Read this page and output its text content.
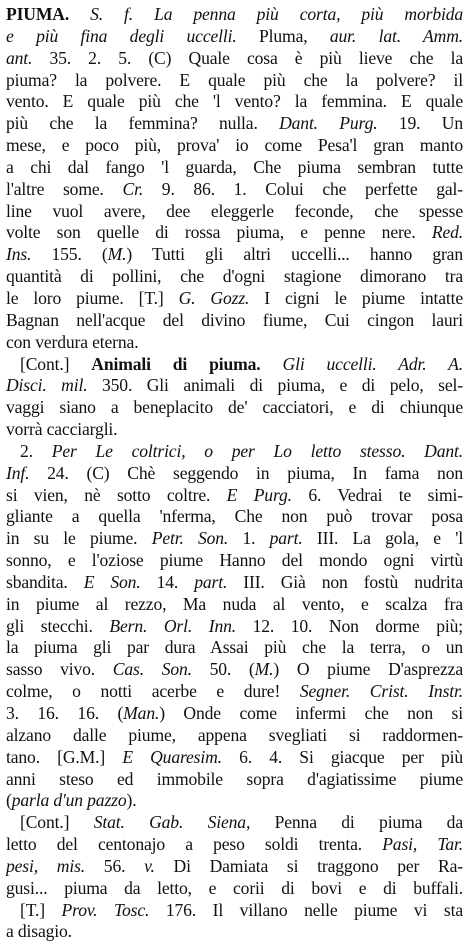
PIUMA. S. f. La penna più corta, più morbida
e più fina degli uccelli. Pluma, aur. lat. Amm.
ant. 35. 2. 5. (C) Quale cosa è più lieve che la
piuma? la polvere. E quale più che la polvere? il
vento. E quale più che 'l vento? la femmina. E quale
più che la femmina? nulla. Dant. Purg. 19. Un
mese, e poco più, prova' io come Pesa'l gran manto
a chi dal fango 'l guarda, Che piuma sembran tutte
l'altre some. Cr. 9. 86. 1. Colui che perfette gal-
line vuol avere, dee eleggerle feconde, che spesse
volte son quelle di rossa piuma, e penne nere. Red.
Ins. 155. (M.) Tutti gli altri uccelli... hanno gran
quantità di pollini, che d'ogni stagione dimorano tra
le loro piume. [T.] G. Gozz. I cigni le piume intatte
Bagnan nell'acque del divino fiume, Cui cingon lauri
con verdura eterna.
[Cont.] Animali di piuma. Gli uccelli. Adr. A.
Disci. mil. 350. Gli animali di piuma, e di pelo, sel-
vaggi siano a beneplacito de' cacciatori, e di chiunque
vorrà cacciargli.
2. Per Le coltrici, o per Lo letto stesso. Dant.
Inf. 24. (C) Chè seggendo in piuma, In fama non
si vien, nè sotto coltre. E Purg. 6. Vedrai te simi-
gliante a quella 'nferma, Che non può trovar posa
in su le piume. Petr. Son. 1. part. III. La gola, e 'l
sonno, e l'oziose piume Hanno del mondo ogni virtù
sbandita. E Son. 14. part. III. Già non fostù nudrita
in piume al rezzo, Ma nuda al vento, e scalza fra
gli stecchi. Bern. Orl. Inn. 12. 10. Non dorme più;
la piuma gli par dura Assai più che la terra, o un
sasso vivo. Cas. Son. 50. (M.) O piume D'asprezza
colme, o notti acerbe e dure! Segner. Crist. Instr.
3. 16. 16. (Man.) Onde come infermi che non si
alzano dalle piume, appena svegliati si raddormen-
tano. [G.M.] E Quaresim. 6. 4. Si giacque per più
anni steso ed immobile sopra d'agiatissime piume
(parla d'un pazzo).
[Cont.] Stat. Gab. Siena, Penna di piuma da
letto del centonajo a peso soldi trenta. Pasi, Tar.
pesi, mis. 56. v. Di Damiata si traggono per Ra-
gusi... piuma da letto, e corii di bovi e di buffali.
[T.] Prov. Tosc. 176. Il villano nelle piume vi sta
a disagio.
